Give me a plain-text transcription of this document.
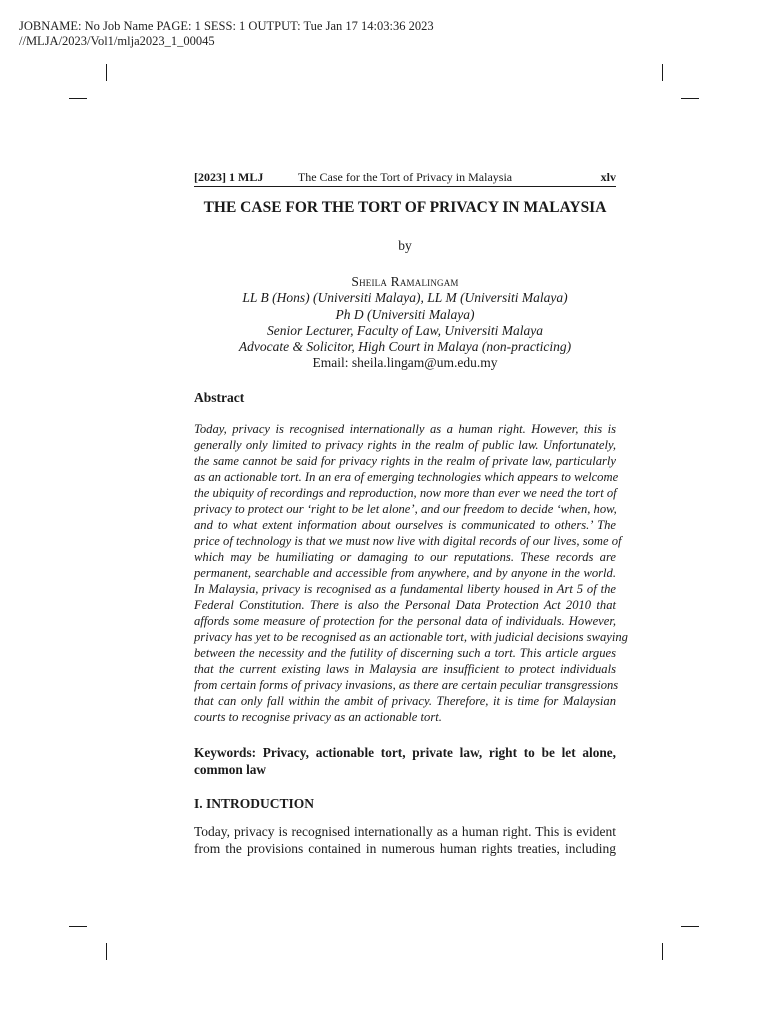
JOBNAME: No Job Name PAGE: 1 SESS: 1 OUTPUT: Tue Jan 17 14:03:36 2023
//MLJA/2023/Vol1/mlja2023_1_00045
The Case for the Tort of Privacy in Malaysia
[2023] 1 MLJ	xlv
THE CASE FOR THE TORT OF PRIVACY IN MALAYSIA
by
Sheila Ramalingam
LL B (Hons) (Universiti Malaya), LL M (Universiti Malaya)
Ph D (Universiti Malaya)
Senior Lecturer, Faculty of Law, Universiti Malaya
Advocate & Solicitor, High Court in Malaya (non-practicing)
Email: sheila.lingam@um.edu.my
Abstract
Today, privacy is recognised internationally as a human right. However, this is
generally only limited to privacy rights in the realm of public law. Unfortunately,
the same cannot be said for privacy rights in the realm of private law, particularly
as an actionable tort. In an era of emerging technologies which appears to welcome
the ubiquity of recordings and reproduction, now more than ever we need the tort of
privacy to protect our ‘right to be let alone’, and our freedom to decide ‘when, how,
and to what extent information about ourselves is communicated to others.’ The
price of technology is that we must now live with digital records of our lives, some of
which may be humiliating or damaging to our reputations. These records are
permanent, searchable and accessible from anywhere, and by anyone in the world.
In Malaysia, privacy is recognised as a fundamental liberty housed in Art 5 of the
Federal Constitution. There is also the Personal Data Protection Act 2010 that
affords some measure of protection for the personal data of individuals. However,
privacy has yet to be recognised as an actionable tort, with judicial decisions swaying
between the necessity and the futility of discerning such a tort. This article argues
that the current existing laws in Malaysia are insufficient to protect individuals
from certain forms of privacy invasions, as there are certain peculiar transgressions
that can only fall within the ambit of privacy. Therefore, it is time for Malaysian
courts to recognise privacy as an actionable tort.
Keywords: Privacy, actionable tort, private law, right to be let alone,
common law
I. INTRODUCTION
Today, privacy is recognised internationally as a human right. This is evident
from the provisions contained in numerous human rights treaties, including
